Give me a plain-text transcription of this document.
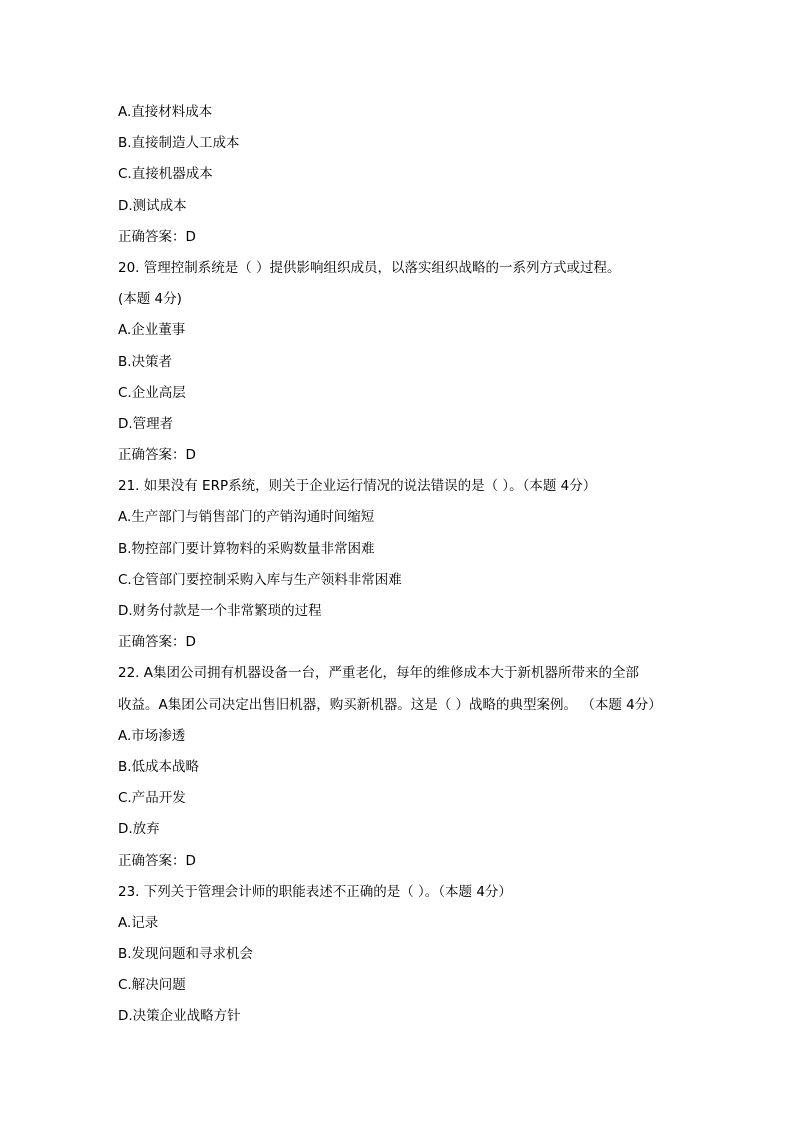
A.直接材料成本
B.直接制造人工成本
C.直接机器成本
D.测试成本
正确答案：D
20. 管理控制系统是（ ）提供影响组织成员，以落实组织战略的一系列方式或过程。
(本题 4分)
A.企业董事
B.决策者
C.企业高层
D.管理者
正确答案：D
21. 如果没有 ERP系统，则关于企业运行情况的说法错误的是（ ）。（本题 4分）
A.生产部门与销售部门的产销沟通时间缩短
B.物控部门要计算物料的采购数量非常困难
C.仓管部门要控制采购入库与生产领料非常困难
D.财务付款是一个非常繁琐的过程
正确答案：D
22. A集团公司拥有机器设备一台，严重老化，每年的维修成本大于新机器所带来的全部
收益。A集团公司决定出售旧机器，购买新机器。这是（ ）战略的典型案例。 （本题 4分）
A.市场渗透
B.低成本战略
C.产品开发
D.放弃
正确答案：D
23. 下列关于管理会计师的职能表述不正确的是（ ）。（本题 4分）
A.记录
B.发现问题和寻求机会
C.解决问题
D.决策企业战略方针
